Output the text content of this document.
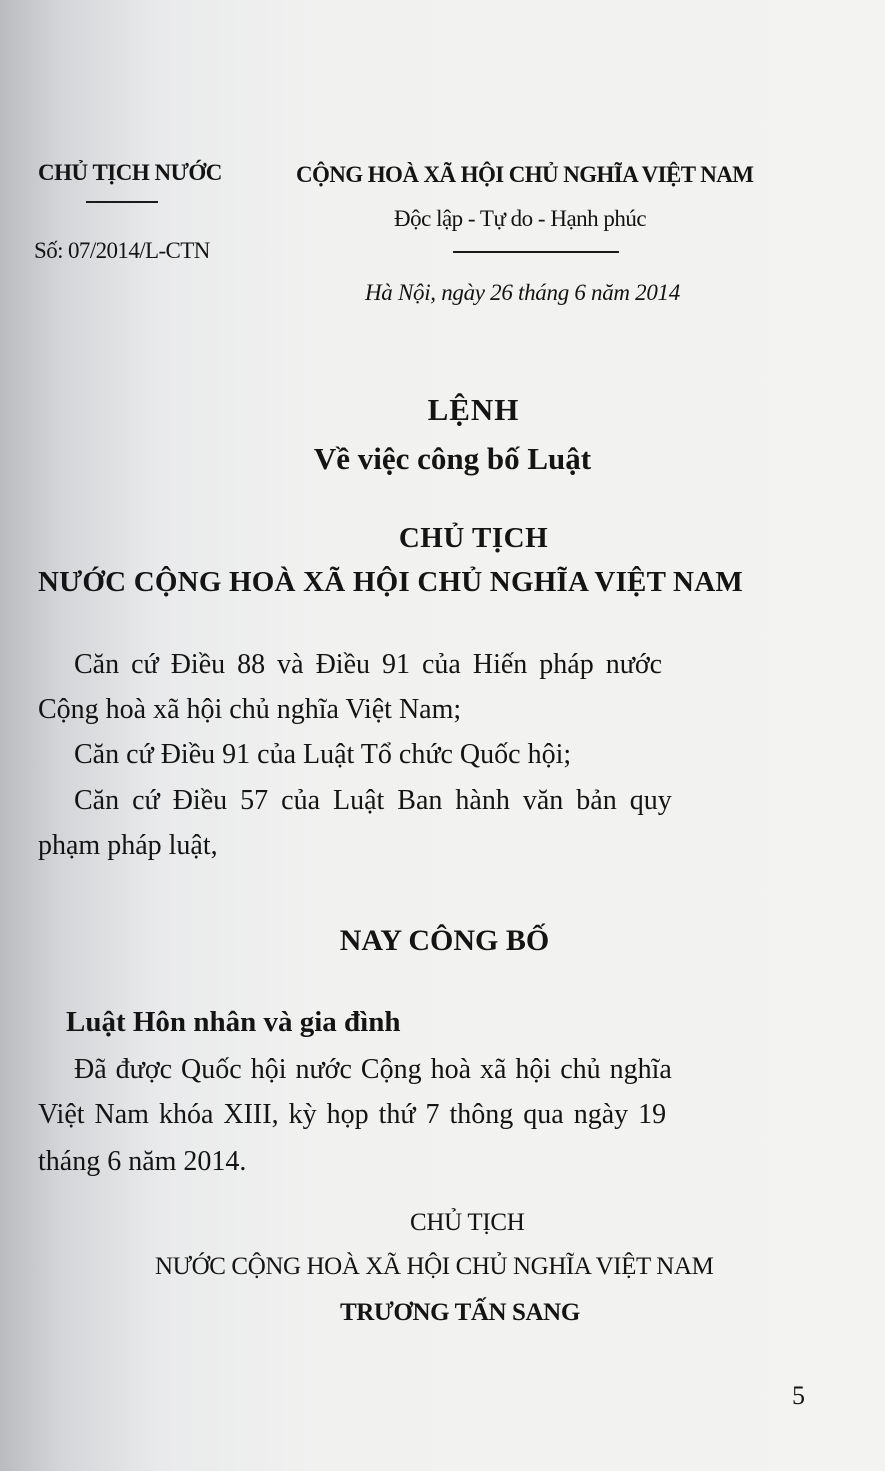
CHỦ TỊCH NƯỚC
Số: 07/2014/L-CTN
CỘNG HOÀ XÃ HỘI CHỦ NGHĨA VIỆT NAM
Độc lập - Tự do - Hạnh phúc
Hà Nội, ngày 26 tháng 6 năm 2014
LỆNH
Về việc công bố Luật
CHỦ TỊCH
NƯỚC CỘNG HOÀ XÃ HỘI CHỦ NGHĨA VIỆT NAM
Căn cứ Điều 88 và Điều 91 của Hiến pháp nước
Cộng hoà xã hội chủ nghĩa Việt Nam;
Căn cứ Điều 91 của Luật Tổ chức Quốc hội;
Căn cứ Điều 57 của Luật Ban hành văn bản quy
phạm pháp luật,
NAY CÔNG BỐ
Luật Hôn nhân và gia đình
Đã được Quốc hội nước Cộng hoà xã hội chủ nghĩa
Việt Nam khóa XIII, kỳ họp thứ 7 thông qua ngày 19
tháng 6 năm 2014.
CHỦ TỊCH
NƯỚC CỘNG HOÀ XÃ HỘI CHỦ NGHĨA VIỆT NAM
TRƯƠNG TẤN SANG
5
